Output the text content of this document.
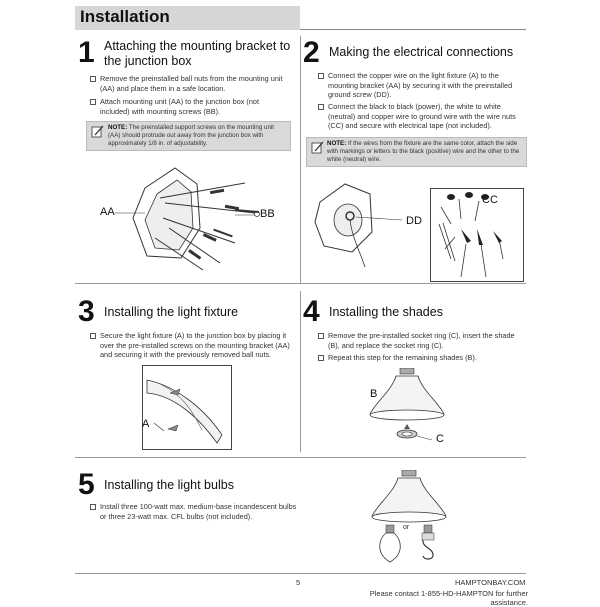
Installation
1 Attaching the mounting bracket to the junction box
Remove the preinstalled ball nuts from the mounting unit (AA) and place them in a safe location.
Attach mounting unit (AA) to the junction box (not included) with mounting screws (BB).
NOTE: The preinstalled support screws on the mounting unit (AA) should protrude out away from the junction box with approximately 1/8 in. of adjustability.
AA	BB
2 Making the electrical connections
Connect the copper wire on the light fixture (A) to the mounting bracket (AA) by securing it with the preinstalled ground screw (DD).
Connect the black to black (power), the white to white (neutral) and copper wire to ground wire with the wire nuts (CC) and secure with electrical tape (not included).
NOTE: If the wires from the fixture are the same color, attach the side with markings or letters to the black (positive) wire and the other to the white (neutral) wire.
DD
CC
3 Installing the light fixture
Secure the light fixture (A) to the junction box by placing it over the pre-installed screws on the mounting bracket (AA) and securing it with the previously removed ball nuts.
A
4 Installing the shades
Remove the pre-installed socket ring (C), insert the shade (B), and replace the socket ring (C).
Repeat this step for the remaining shades (B).
B
C
5 Installing the light bulbs
Install three 100-watt max. medium-base incandescent bulbs or three 23-watt max. CFL bulbs (not included).
or
5	HAMPTONBAY.COM
Please contact 1-855-HD-HAMPTON for further assistance.
